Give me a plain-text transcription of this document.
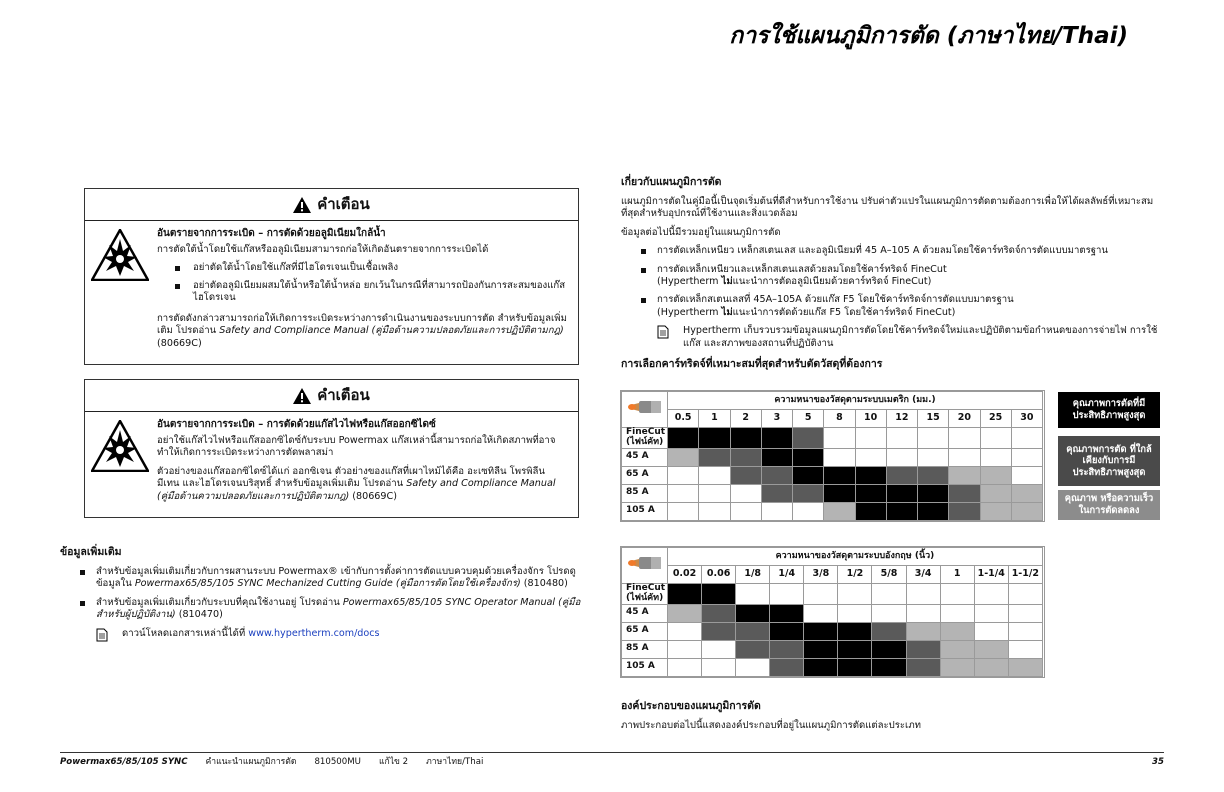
การใช้แผนภูมิการตัด (ภาษาไทย/Thai)
คำเตือน
อันตรายจากการระเบิด – การตัดด้วยอลูมิเนียมใกล้น้ำ

การตัดใต้น้ำโดยใช้แก๊สหรืออลูมิเนียมสามารถก่อให้เกิดอันตรายจากการระเบิดได้

อย่าตัดใต้น้ำโดยใช้แก๊สที่มีไฮโดรเจนเป็นเชื้อเพลิง
อย่าตัดอลูมิเนียมผสมใต้น้ำหรือใต้น้ำหล่อ ยกเว้นในกรณีที่สามารถป้องกันการสะสมของแก๊สไฮโดรเจน

การตัดดังกล่าวสามารถก่อให้เกิดการระเบิดระหว่างการดำเนินงานของระบบการตัด สำหรับข้อมูลเพิ่มเติม โปรดอ่าน Safety and Compliance Manual (คู่มือด้านความปลอดภัยและการปฏิบัติตามกฎ) (80669C)

คำเตือน
อันตรายจากการระเบิด – การตัดด้วยแก๊สไวไฟหรือแก๊สออกซิไดซ์

อย่าใช้แก๊สไวไฟหรือแก๊สออกซิไดซ์กับระบบ Powermax แก๊สเหล่านี้สามารถก่อให้เกิดสภาพที่อาจทำให้เกิดการระเบิดระหว่างการตัดพลาสม่า

ตัวอย่างของแก๊สออกซิไดซ์ได้แก่ ออกซิเจน ตัวอย่างของแก๊สที่เผาไหม้ได้คือ อะเซทิลีน โพรพิลีน มีเทน และไฮโดรเจนบริสุทธิ์ สำหรับข้อมูลเพิ่มเติม โปรดอ่าน Safety and Compliance Manual (คู่มือด้านความปลอดภัยและการปฏิบัติตามกฎ) (80669C)

ข้อมูลเพิ่มเติม
สำหรับข้อมูลเพิ่มเติมเกี่ยวกับการผสานระบบ Powermax® เข้ากับการตั้งค่าการตัดแบบควบคุมด้วยเครื่องจักร โปรดดูข้อมูลใน Powermax65/85/105 SYNC Mechanized Cutting Guide (คู่มือการตัดโดยใช้เครื่องจักร) (810480)
สำหรับข้อมูลเพิ่มเติมเกี่ยวกับระบบที่คุณใช้งานอยู่ โปรดอ่าน Powermax65/85/105 SYNC Operator Manual (คู่มือสำหรับผู้ปฏิบัติงาน) (810470)
ดาวน์โหลดเอกสารเหล่านี้ได้ที่ www.hypertherm.com/docs
เกี่ยวกับแผนภูมิการตัด

แผนภูมิการตัดในคู่มือนี้เป็นจุดเริ่มต้นที่ดีสำหรับการใช้งาน ปรับค่าตัวแปรในแผนภูมิการตัดตามต้องการเพื่อให้ได้ผลลัพธ์ที่เหมาะสมที่สุดสำหรับอุปกรณ์ที่ใช้งานและสิ่งแวดล้อม

ข้อมูลต่อไปนี้มีรวมอยู่ในแผนภูมิการตัด

การตัดเหล็กเหนียว เหล็กสเตนเลส และอลูมิเนียมที่ 45 A–105 A ด้วยลมโดยใช้คาร์ทริดจ์การตัดแบบมาตรฐาน
การตัดเหล็กเหนียวและเหล็กสเตนเลสด้วยลมโดยใช้คาร์ทริดจ์ FineCut
(Hypertherm ไม่แนะนำการตัดอลูมิเนียมด้วยคาร์ทริดจ์ FineCut)
การตัดเหล็กสเตนเลสที่ 45A–105A ด้วยแก๊ส F5 โดยใช้คาร์ทริดจ์การตัดแบบมาตรฐาน
(Hypertherm ไม่แนะนำการตัดด้วยแก๊ส F5 โดยใช้คาร์ทริดจ์ FineCut)
Hypertherm เก็บรวบรวมข้อมูลแผนภูมิการตัดโดยใช้คาร์ทริดจ์ใหม่และปฏิบัติตามข้อกำหนดของการจ่ายไฟ การใช้แก๊ส และสภาพของสถานที่ปฏิบัติงาน
การเลือกคาร์ทริดจ์ที่เหมาะสมที่สุดสำหรับตัดวัสดุที่ต้องการ
	ความหนาของวัสดุตามระบบเมตริก (มม.)											
	0.5	1	2	3	5	8	10	12	15	20	25	30

FineCut
(ไฟน์คัท)												

45 A												
65 A												
85 A												
105 A												
	ความหนาของวัสดุตามระบบอังกฤษ (นิ้ว)										
	0.02	0.06	1/8	1/4	3/8	1/2	5/8	3/4	1	1-1/4	1-1/2

FineCut
(ไฟน์คัท)											

45 A											
65 A											
85 A											
105 A											
คุณภาพการตัดที่มีประสิทธิภาพสูงสุด
คุณภาพการตัด ที่ใกล้เคียงกับการมีประสิทธิภาพสูงสุด
คุณภาพ หรือความเร็วในการตัดลดลง
องค์ประกอบของแผนภูมิการตัด

ภาพประกอบต่อไปนี้แสดงองค์ประกอบที่อยู่ในแผนภูมิการตัดแต่ละประเภท

Powermax65/85/105 SYNC คำแนะนำแผนภูมิการตัด 810500MU แก้ไข 2 ภาษาไทย/Thai	35
